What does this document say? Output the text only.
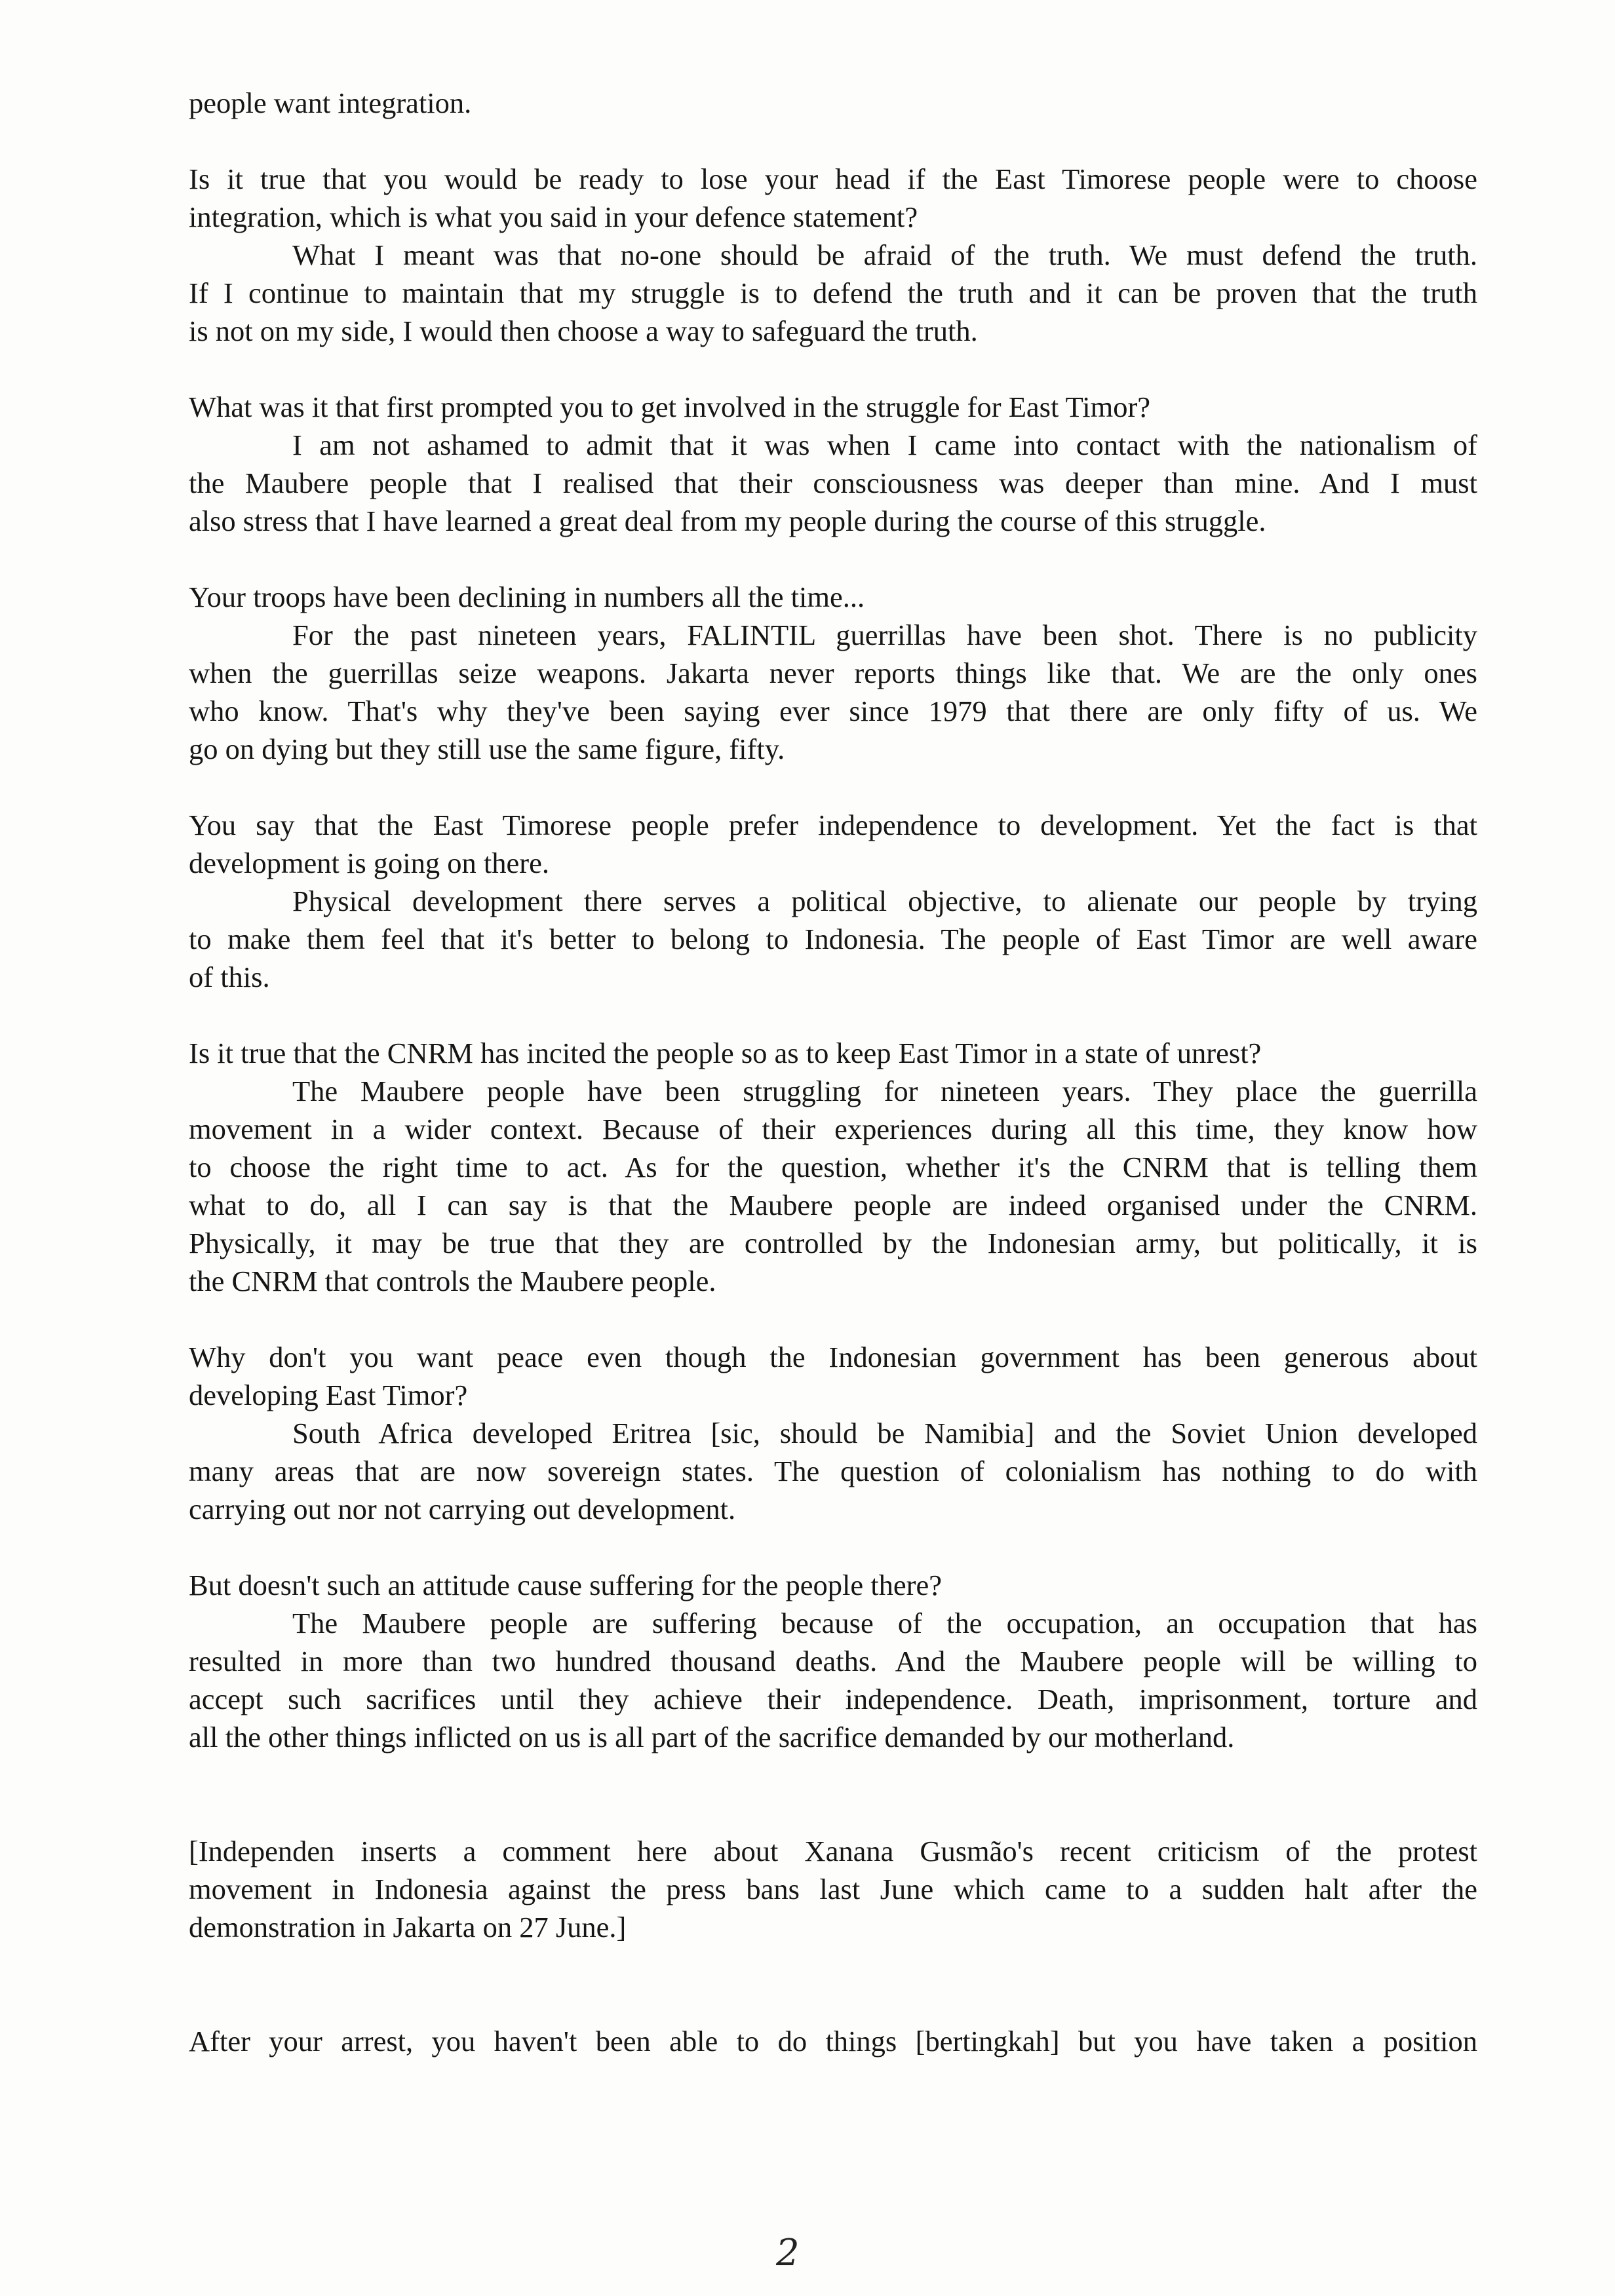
people want integration.
Is it true that you would be ready to lose your head if the East Timorese people were to choose
integration, which is what you said in your defence statement?
What I meant was that no-one should be afraid of the truth. We must defend the truth.
If I continue to maintain that my struggle is to defend the truth and it can be proven that the truth
is not on my side, I would then choose a way to safeguard the truth.
What was it that first prompted you to get involved in the struggle for East Timor?
I am not ashamed to admit that it was when I came into contact with the nationalism of
the Maubere people that I realised that their consciousness was deeper than mine. And I must
also stress that I have learned a great deal from my people during the course of this struggle.
Your troops have been declining in numbers all the time...
For the past nineteen years, FALINTIL guerrillas have been shot. There is no publicity
when the guerrillas seize weapons. Jakarta never reports things like that. We are the only ones
who know. That's why they've been saying ever since 1979 that there are only fifty of us. We
go on dying but they still use the same figure, fifty.
You say that the East Timorese people prefer independence to development. Yet the fact is that
development is going on there.
Physical development there serves a political objective, to alienate our people by trying
to make them feel that it's better to belong to Indonesia. The people of East Timor are well aware
of this.
Is it true that the CNRM has incited the people so as to keep East Timor in a state of unrest?
The Maubere people have been struggling for nineteen years. They place the guerrilla
movement in a wider context. Because of their experiences during all this time, they know how
to choose the right time to act. As for the question, whether it's the CNRM that is telling them
what to do, all I can say is that the Maubere people are indeed organised under the CNRM.
Physically, it may be true that they are controlled by the Indonesian army, but politically, it is
the CNRM that controls the Maubere people.
Why don't you want peace even though the Indonesian government has been generous about
developing East Timor?
South Africa developed Eritrea [sic, should be Namibia] and the Soviet Union developed
many areas that are now sovereign states. The question of colonialism has nothing to do with
carrying out nor not carrying out development.
But doesn't such an attitude cause suffering for the people there?
The Maubere people are suffering because of the occupation, an occupation that has
resulted in more than two hundred thousand deaths. And the Maubere people will be willing to
accept such sacrifices until they achieve their independence. Death, imprisonment, torture and
all the other things inflicted on us is all part of the sacrifice demanded by our motherland.
[Independen inserts a comment here about Xanana Gusmão's recent criticism of the protest
movement in Indonesia against the press bans last June which came to a sudden halt after the
demonstration in Jakarta on 27 June.]
After your arrest, you haven't been able to do things [bertingkah] but you have taken a position
2
